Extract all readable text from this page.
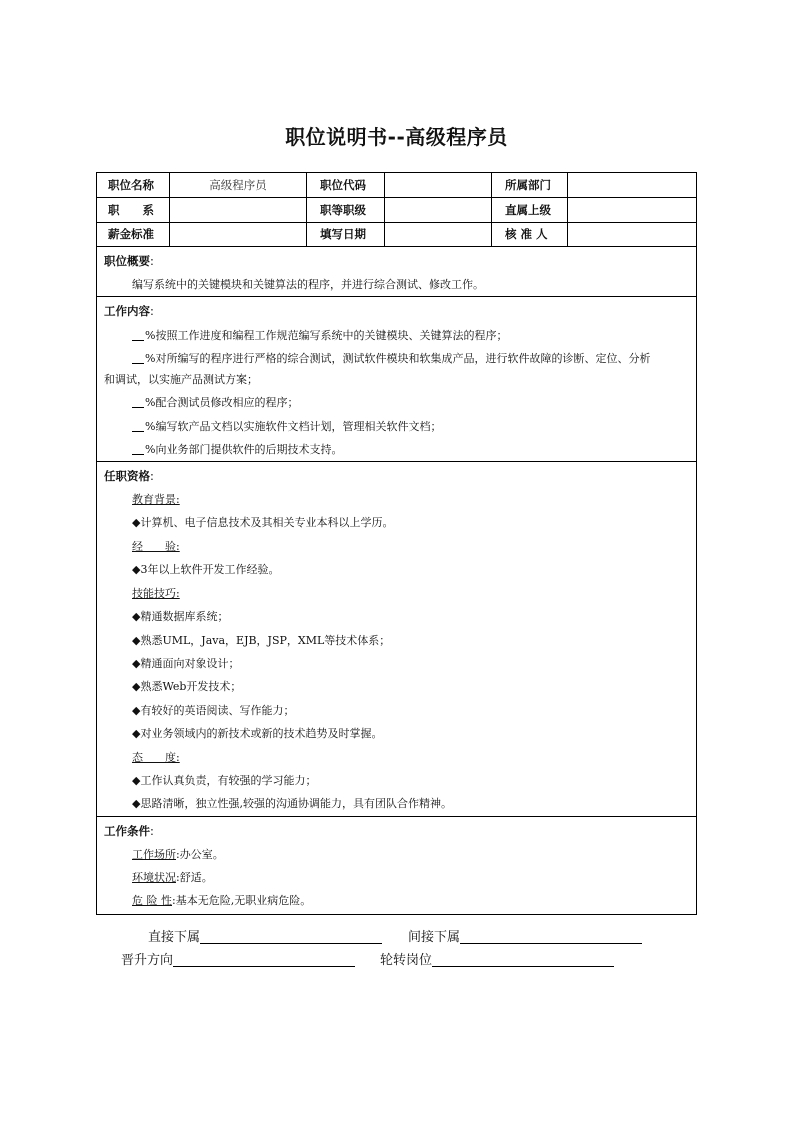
职位说明书--高级程序员
职位名称	高级程序员	职位代码	所属部门
职　　系	职等职级	直属上级
薪金标准	填写日期	核 准 人
职位概要:
编写系统中的关键模块和关键算法的程序，并进行综合测试、修改工作。
工作内容:
%按照工作进度和编程工作规范编写系统中的关键模块、关键算法的程序；
%对所编写的程序进行严格的综合测试，测试软件模块和软集成产品，进行软件故障的诊断、定位、分析
和调试，以实施产品测试方案；
%配合测试员修改相应的程序；
%编写软产品文档以实施软件文档计划，管理相关软件文档；
%向业务部门提供软件的后期技术支持。
任职资格:
教育背景:
◆计算机、电子信息技术及其相关专业本科以上学历。
经　　验:
◆3年以上软件开发工作经验。
技能技巧:
◆精通数据库系统；
◆熟悉UML，Java，EJB，JSP，XML等技术体系；
◆精通面向对象设计；
◆熟悉Web开发技术；
◆有较好的英语阅读、写作能力；
◆对业务领域内的新技术或新的技术趋势及时掌握。
态　　度:
◆工作认真负责，有较强的学习能力；
◆思路清晰，独立性强,较强的沟通协调能力，具有团队合作精神。
工作条件:
工作场所:办公室。
环境状况:舒适。
危 险 性:基本无危险,无职业病危险。
直接下属	间接下属
晋升方向	轮转岗位
